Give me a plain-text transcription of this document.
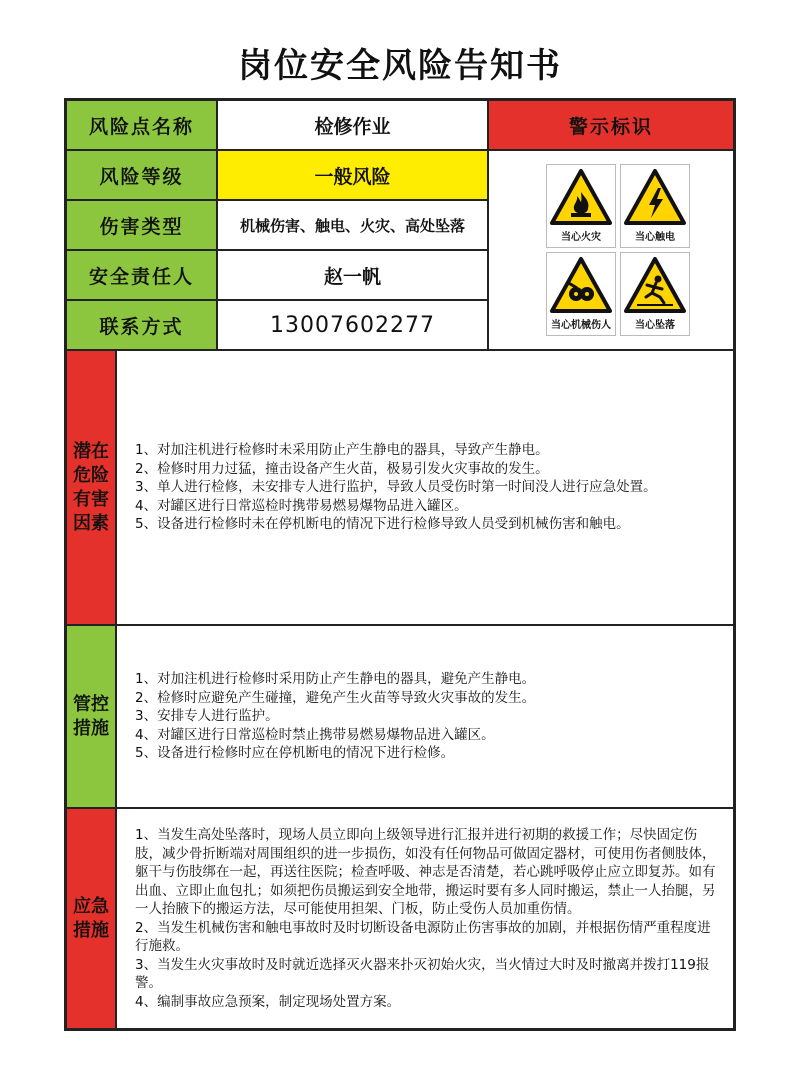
岗位安全风险告知书
风险点名称	检修作业	警示标识
风险等级	一般风险
伤害类型	机械伤害、触电、火灾、高处坠落
安全责任人	赵一帆
联系方式	13007602277
当心火灾	当心触电
当心机械伤人	当心坠落
潜在危险有害因素
1、对加注机进行检修时未采用防止产生静电的器具，导致产生静电。
2、检修时用力过猛，撞击设备产生火苗，极易引发火灾事故的发生。
3、单人进行检修，未安排专人进行监护，导致人员受伤时第一时间没人进行应急处置。
4、对罐区进行日常巡检时携带易燃易爆物品进入罐区。
5、设备进行检修时未在停机断电的情况下进行检修导致人员受到机械伤害和触电。
管控措施
1、对加注机进行检修时采用防止产生静电的器具，避免产生静电。
2、检修时应避免产生碰撞，避免产生火苗等导致火灾事故的发生。
3、安排专人进行监护。
4、对罐区进行日常巡检时禁止携带易燃易爆物品进入罐区。
5、设备进行检修时应在停机断电的情况下进行检修。
应急措施
1、当发生高处坠落时，现场人员立即向上级领导进行汇报并进行初期的救援工作；尽快固定伤肢，减少骨折断端对周围组织的进一步损伤，如没有任何物品可做固定器材，可使用伤者侧肢体，躯干与伤肢绑在一起，再送往医院；检查呼吸、神志是否清楚，若心跳呼吸停止应立即复苏。如有出血、立即止血包扎；如须把伤员搬运到安全地带，搬运时要有多人同时搬运，禁止一人抬腿，另一人抬腋下的搬运方法，尽可能使用担架、门板，防止受伤人员加重伤情。
2、当发生机械伤害和触电事故时及时切断设备电源防止伤害事故的加剧，并根据伤情严重程度进行施救。
3、当发生火灾事故时及时就近选择灭火器来扑灭初始火灾，当火情过大时及时撤离并拨打119报警。
4、编制事故应急预案，制定现场处置方案。
